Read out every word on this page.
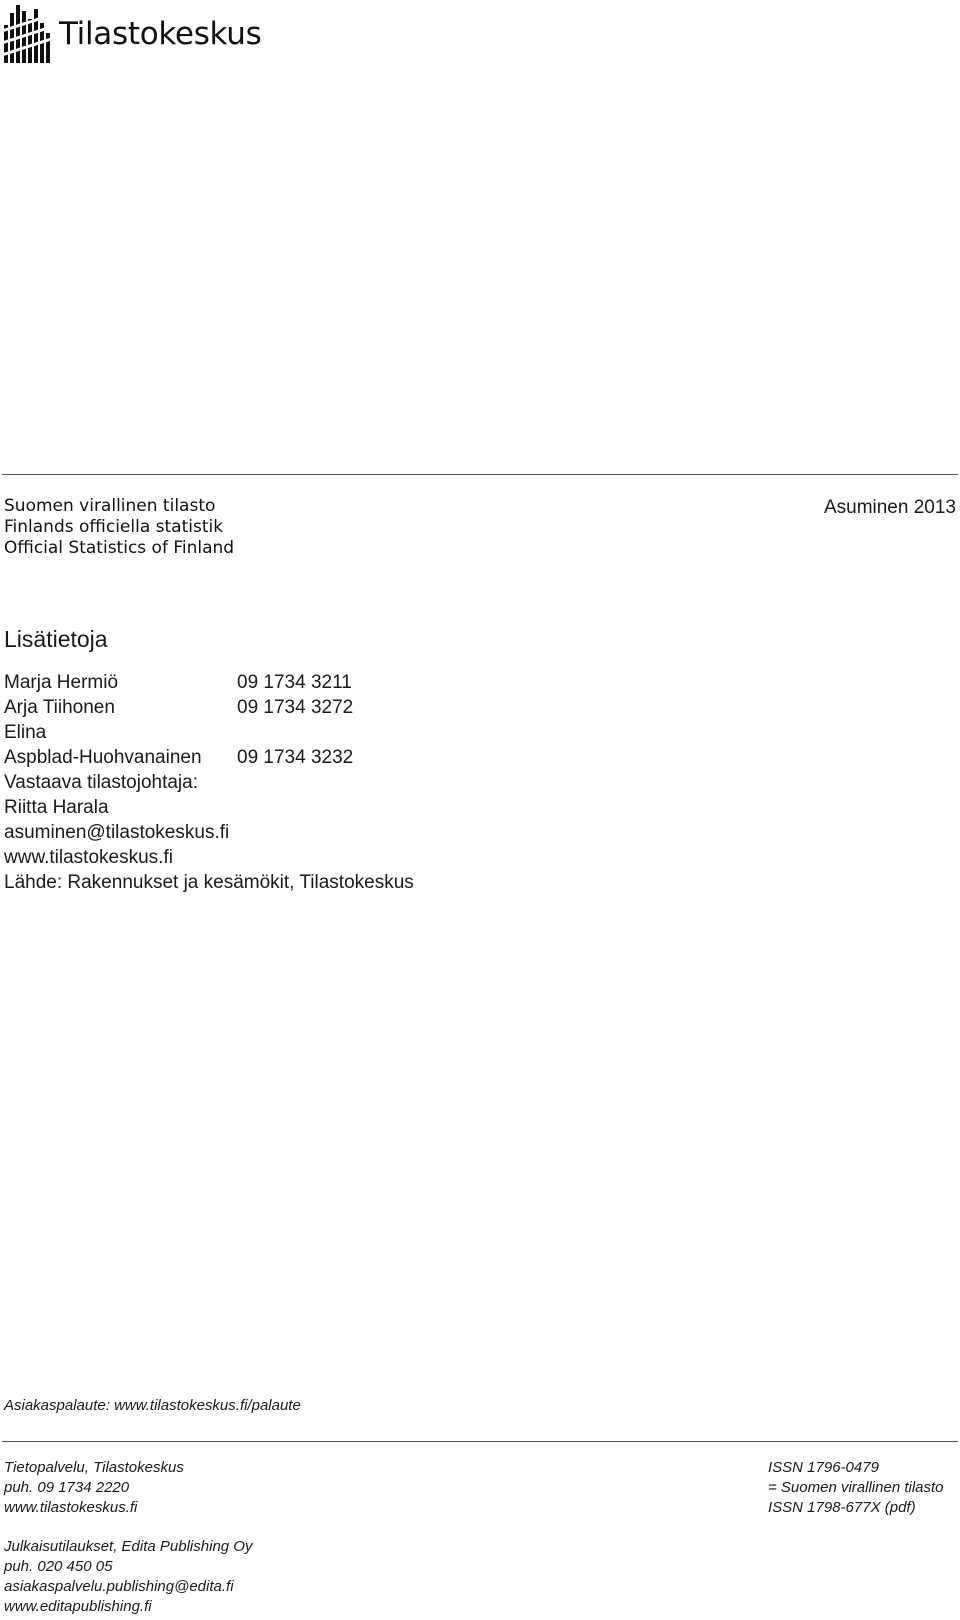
Tilastokeskus
Suomen virallinen tilasto
Finlands officiella statistik
Official Statistics of Finland
Asuminen 2013
Lisätietoja
Marja Hermiö	09 1734 3211
Arja Tiihonen	09 1734 3272
Elina
Aspblad-Huohvanainen	09 1734 3232
Vastaava tilastojohtaja:
Riitta Harala
asuminen@tilastokeskus.fi
www.tilastokeskus.fi
Lähde: Rakennukset ja kesämökit, Tilastokeskus
Asiakaspalaute: www.tilastokeskus.fi/palaute
Tietopalvelu, Tilastokeskus
puh. 09 1734 2220
www.tilastokeskus.fi
ISSN 1796-0479
= Suomen virallinen tilasto
ISSN 1798-677X (pdf)
Julkaisutilaukset, Edita Publishing Oy
puh. 020 450 05
asiakaspalvelu.publishing@edita.fi
www.editapublishing.fi
